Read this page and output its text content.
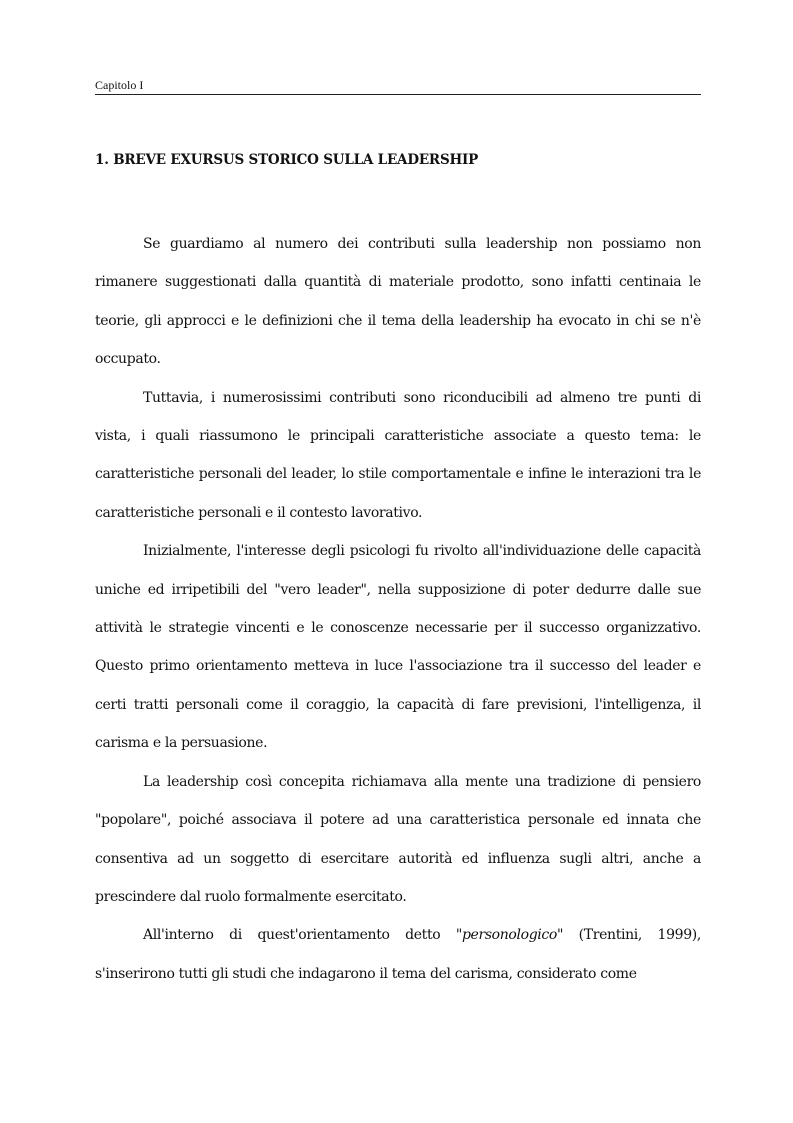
Capitolo I
1. BREVE EXURSUS STORICO SULLA LEADERSHIP

Se guardiamo al numero dei contributi sulla leadership non possiamo non rimanere suggestionati dalla quantità di materiale prodotto, sono infatti centinaia le teorie, gli approcci e le definizioni che il tema della leadership ha evocato in chi se n'è occupato.

Tuttavia, i numerosissimi contributi sono riconducibili ad almeno tre punti di vista, i quali riassumono le principali caratteristiche associate a questo tema: le caratteristiche personali del leader, lo stile comportamentale e infine le interazioni tra le caratteristiche personali e il contesto lavorativo.

Inizialmente, l'interesse degli psicologi fu rivolto all'individuazione delle capacità uniche ed irripetibili del "vero leader", nella supposizione di poter dedurre dalle sue attività le strategie vincenti e le conoscenze necessarie per il successo organizzativo. Questo primo orientamento metteva in luce l'associazione tra il successo del leader e certi tratti personali come il coraggio, la capacità di fare previsioni, l'intelligenza, il carisma e la persuasione.

La leadership così concepita richiamava alla mente una tradizione di pensiero "popolare", poiché associava il potere ad una caratteristica personale ed innata che consentiva ad un soggetto di esercitare autorità ed influenza sugli altri, anche a prescindere dal ruolo formalmente esercitato.

All'interno di quest'orientamento detto "personologico" (Trentini, 1999), s'inserirono tutti gli studi che indagarono il tema del carisma, considerato come
